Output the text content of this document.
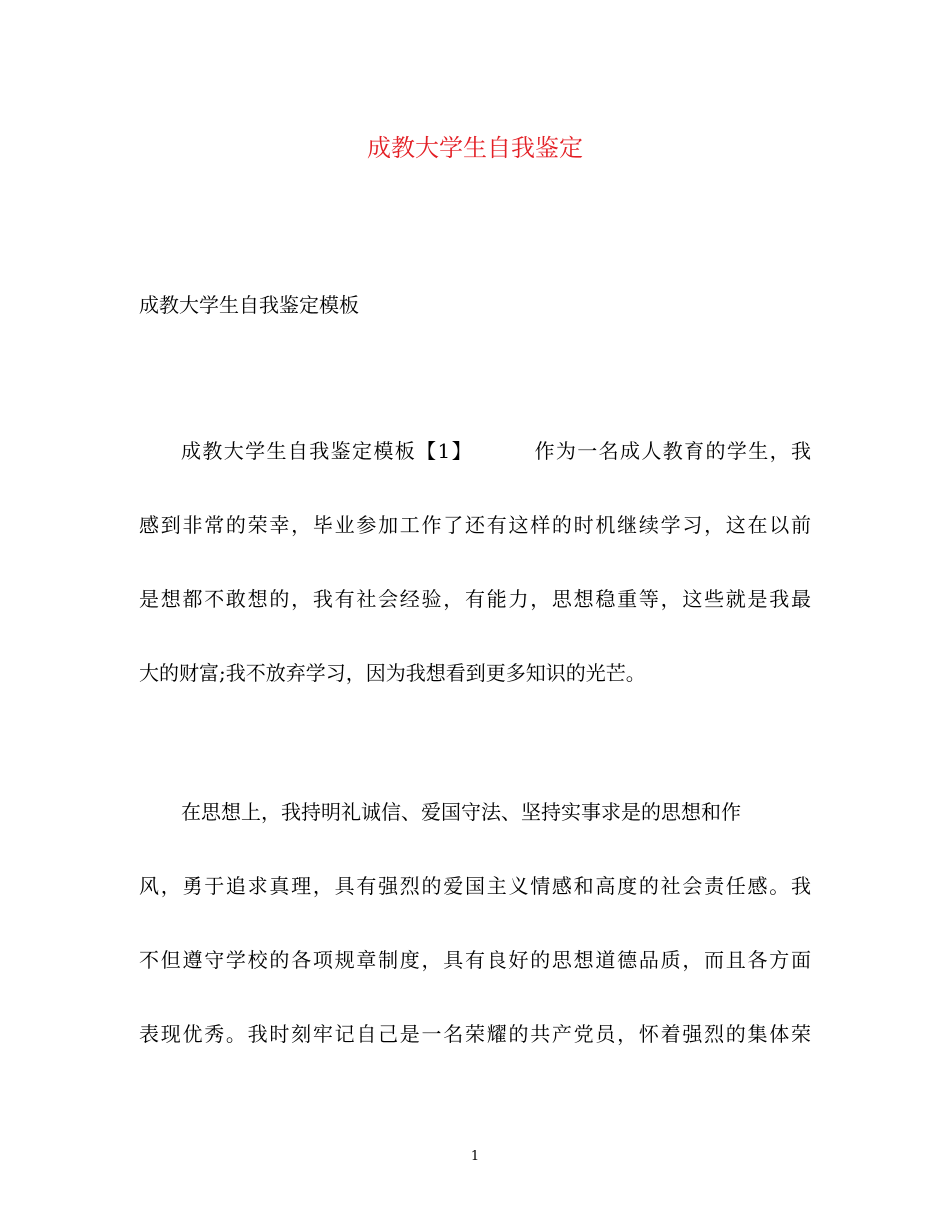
成教大学生自我鉴定
成教大学生自我鉴定模板
成教大学生自我鉴定模板【1】	作为一名成人教育的学生，我
感到非常的荣幸，毕业参加工作了还有这样的时机继续学习，这在以前
是想都不敢想的，我有社会经验，有能力，思想稳重等，这些就是我最
大的财富;我不放弃学习，因为我想看到更多知识的光芒。
在思想上，我持明礼诚信、爱国守法、坚持实事求是的思想和作
风，勇于追求真理，具有强烈的爱国主义情感和高度的社会责任感。我
不但遵守学校的各项规章制度，具有良好的思想道德品质，而且各方面
表现优秀。我时刻牢记自己是一名荣耀的共产党员，怀着强烈的集体荣
1
